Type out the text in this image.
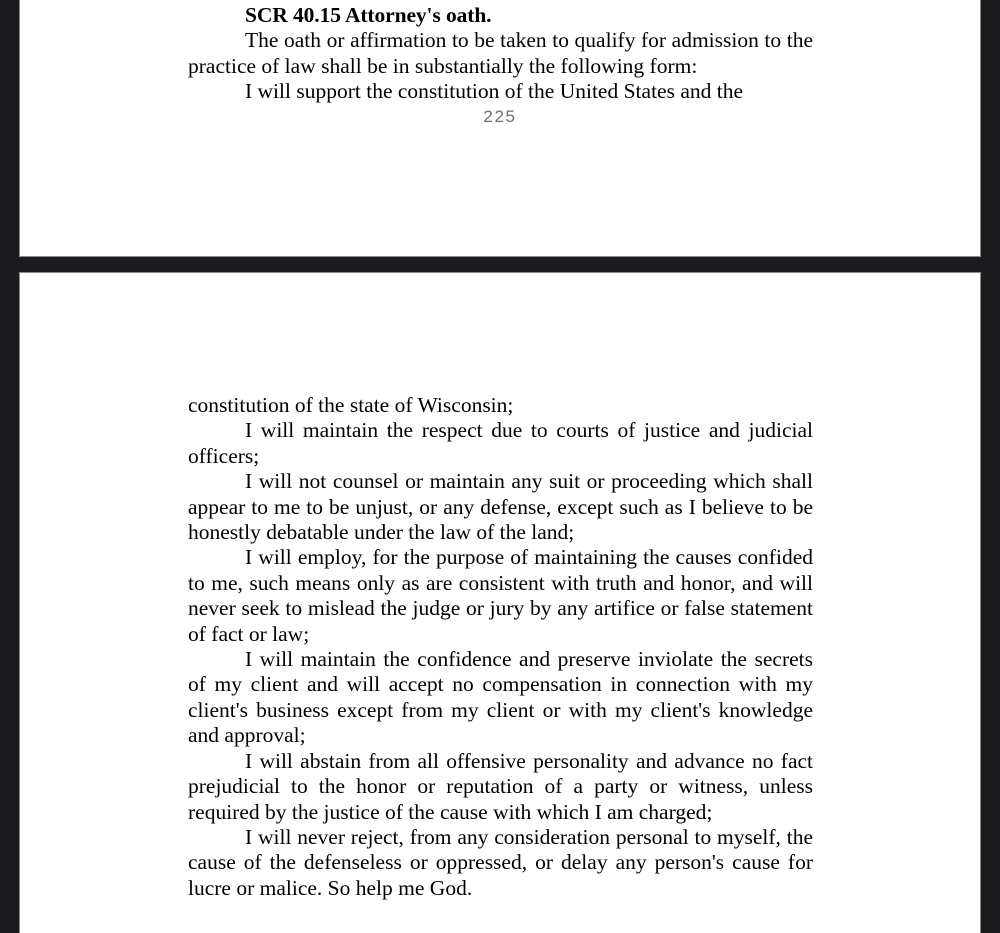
SCR 40.15 Attorney's oath.

The oath or affirmation to be taken to qualify for admission to the practice of law shall be in substantially the following form:

I will support the constitution of the United States and the

225

constitution of the state of Wisconsin;

I will maintain the respect due to courts of justice and judicial officers;

I will not counsel or maintain any suit or proceeding which shall appear to me to be unjust, or any defense, except such as I believe to be honestly debatable under the law of the land;

I will employ, for the purpose of maintaining the causes confided to me, such means only as are consistent with truth and honor, and will never seek to mislead the judge or jury by any artifice or false statement of fact or law;

I will maintain the confidence and preserve inviolate the secrets of my client and will accept no compensation in connection with my client's business except from my client or with my client's knowledge and approval;

I will abstain from all offensive personality and advance no fact prejudicial to the honor or reputation of a party or witness, unless required by the justice of the cause with which I am charged;

I will never reject, from any consideration personal to myself, the cause of the defenseless or oppressed, or delay any person's cause for lucre or malice. So help me God.
